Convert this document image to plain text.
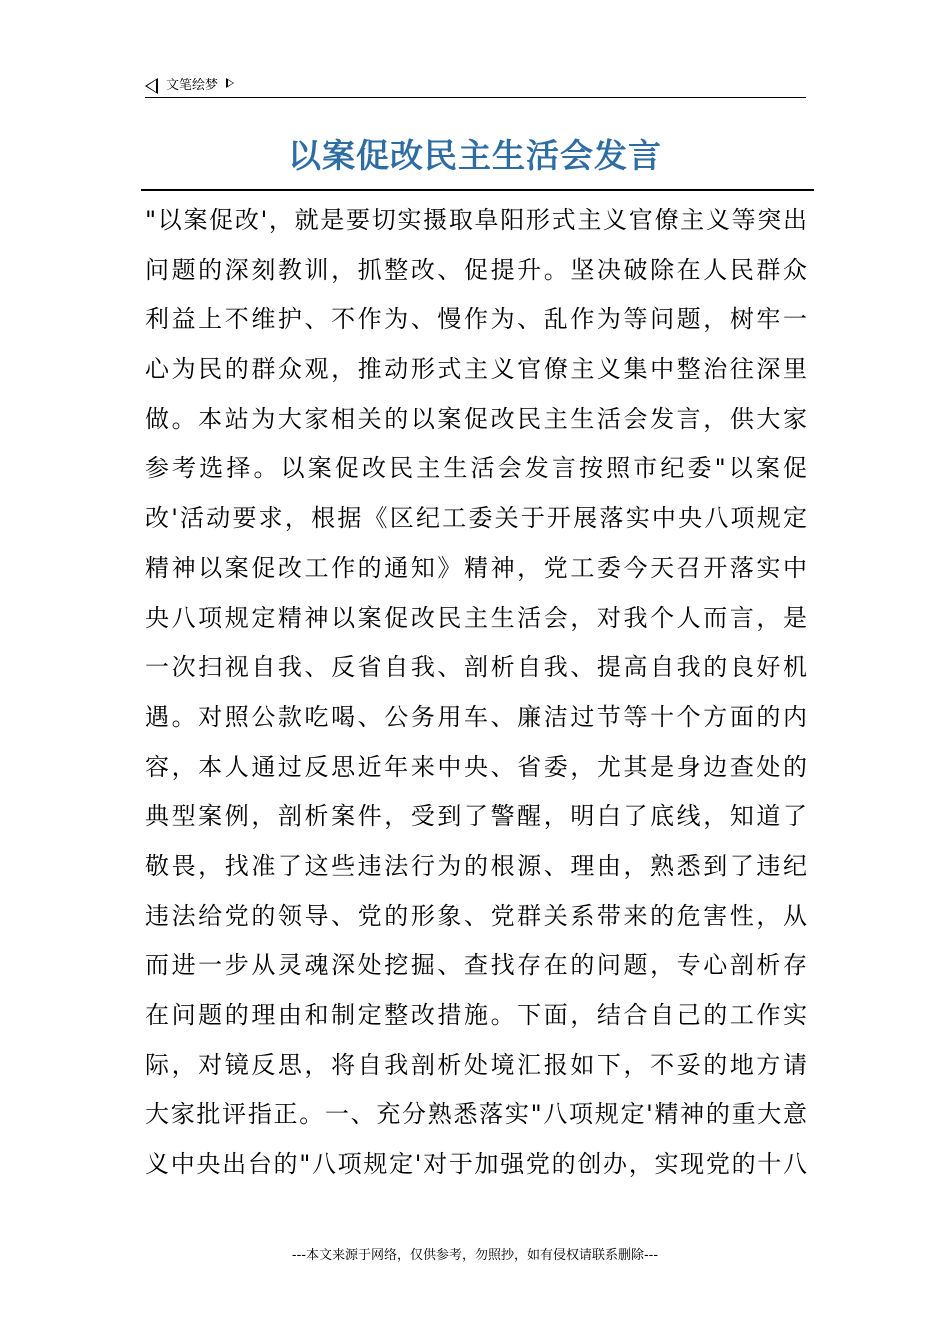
文笔绘梦
以案促改民主生活会发言
"以案促改'，就是要切实摄取阜阳形式主义官僚主义等突出
问题的深刻教训，抓整改、促提升。坚决破除在人民群众
利益上不维护、不作为、慢作为、乱作为等问题，树牢一
心为民的群众观，推动形式主义官僚主义集中整治往深里
做。本站为大家相关的以案促改民主生活会发言，供大家
参考选择。以案促改民主生活会发言按照市纪委"以案促
改'活动要求，根据《区纪工委关于开展落实中央八项规定
精神以案促改工作的通知》精神，党工委今天召开落实中
央八项规定精神以案促改民主生活会，对我个人而言，是
一次扫视自我、反省自我、剖析自我、提高自我的良好机
遇。对照公款吃喝、公务用车、廉洁过节等十个方面的内
容，本人通过反思近年来中央、省委，尤其是身边查处的
典型案例，剖析案件，受到了警醒，明白了底线，知道了
敬畏，找准了这些违法行为的根源、理由，熟悉到了违纪
违法给党的领导、党的形象、党群关系带来的危害性，从
而进一步从灵魂深处挖掘、查找存在的问题，专心剖析存
在问题的理由和制定整改措施。下面，结合自己的工作实
际，对镜反思，将自我剖析处境汇报如下，不妥的地方请
大家批评指正。一、充分熟悉落实"八项规定'精神的重大意
义中央出台的"八项规定'对于加强党的创办，实现党的十八
---本文来源于网络，仅供参考，勿照抄，如有侵权请联系删除---
